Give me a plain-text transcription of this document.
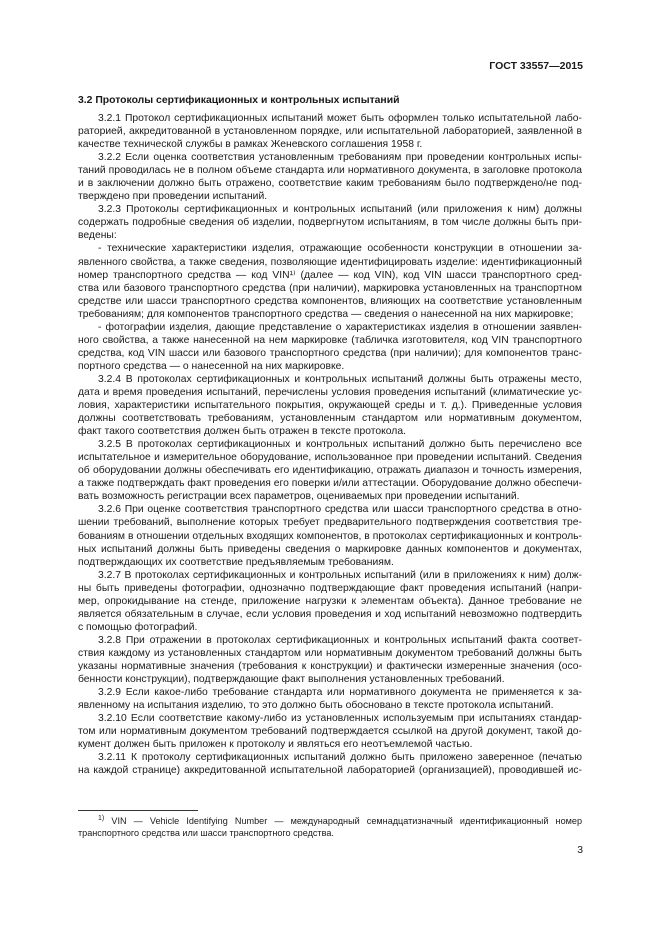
ГОСТ 33557—2015
3.2 Протоколы сертификационных и контрольных испытаний

3.2.1 Протокол сертификационных испытаний может быть оформлен только испытательной лабо-
раторией, аккредитованной в установленном порядке, или испытательной лабораторией, заявленной в
качестве технической службы в рамках Женевского соглашения 1958 г.

3.2.2 Если оценка соответствия установленным требованиям при проведении контрольных испы-
таний проводилась не в полном объеме стандарта или нормативного документа, в заголовке протокола
и в заключении должно быть отражено, соответствие каким требованиям было подтверждено/не под-
тверждено при проведении испытаний.

3.2.3 Протоколы сертификационных и контрольных испытаний (или приложения к ним) должны
содержать подробные сведения об изделии, подвергнутом испытаниям, в том числе должны быть при-
ведены:

- технические характеристики изделия, отражающие особенности конструкции в отношении за-
явленного свойства, а также сведения, позволяющие идентифицировать изделие: идентификационный
номер транспортного средства — код VIN¹⁾ (далее — код VIN), код VIN шасси транспортного сред-
ства или базового транспортного средства (при наличии), маркировка установленных на транспортном
средстве или шасси транспортного средства компонентов, влияющих на соответствие установленным
требованиям; для компонентов транспортного средства — сведения о нанесенной на них маркировке;

- фотографии изделия, дающие представление о характеристиках изделия в отношении заявлен-
ного свойства, а также нанесенной на нем маркировке (табличка изготовителя, код VIN транспортного
средства, код VIN шасси или базового транспортного средства (при наличии); для компонентов транс-
портного средства — о нанесенной на них маркировке.

3.2.4 В протоколах сертификационных и контрольных испытаний должны быть отражены место,
дата и время проведения испытаний, перечислены условия проведения испытаний (климатические ус-
ловия, характеристики испытательного покрытия, окружающей среды и т. д.). Приведенные условия
должны соответствовать требованиям, установленным стандартом или нормативным документом,
факт такого соответствия должен быть отражен в тексте протокола.

3.2.5 В протоколах сертификационных и контрольных испытаний должно быть перечислено все
испытательное и измерительное оборудование, использованное при проведении испытаний. Сведения
об оборудовании должны обеспечивать его идентификацию, отражать диапазон и точность измерения,
а также подтверждать факт проведения его поверки и/или аттестации. Оборудование должно обеспечи-
вать возможность регистрации всех параметров, оцениваемых при проведении испытаний.

3.2.6 При оценке соответствия транспортного средства или шасси транспортного средства в отно-
шении требований, выполнение которых требует предварительного подтверждения соответствия тре-
бованиям в отношении отдельных входящих компонентов, в протоколах сертификационных и контроль-
ных испытаний должны быть приведены сведения о маркировке данных компонентов и документах,
подтверждающих их соответствие предъявляемым требованиям.

3.2.7 В протоколах сертификационных и контрольных испытаний (или в приложениях к ним) долж-
ны быть приведены фотографии, однозначно подтверждающие факт проведения испытаний (напри-
мер, опрокидывание на стенде, приложение нагрузки к элементам объекта). Данное требование не
является обязательным в случае, если условия проведения и ход испытаний невозможно подтвердить
с помощью фотографий.

3.2.8 При отражении в протоколах сертификационных и контрольных испытаний факта соответ-
ствия каждому из установленных стандартом или нормативным документом требований должны быть
указаны нормативные значения (требования к конструкции) и фактически измеренные значения (осо-
бенности конструкции), подтверждающие факт выполнения установленных требований.

3.2.9 Если какое-либо требование стандарта или нормативного документа не применяется к за-
явленному на испытания изделию, то это должно быть обосновано в тексте протокола испытаний.

3.2.10 Если соответствие какому-либо из установленных используемым при испытаниях стандар-
том или нормативным документом требований подтверждается ссылкой на другой документ, такой до-
кумент должен быть приложен к протоколу и являться его неотъемлемой частью.

3.2.11 К протоколу сертификационных испытаний должно быть приложено заверенное (печатью
на каждой странице) аккредитованной испытательной лабораторией (организацией), проводившей ис-

$^{1)}$ VIN — Vehicle Identifying Number — международный семнадцатизначный идентификационный номер
транспортного средства или шасси транспортного средства.
3
